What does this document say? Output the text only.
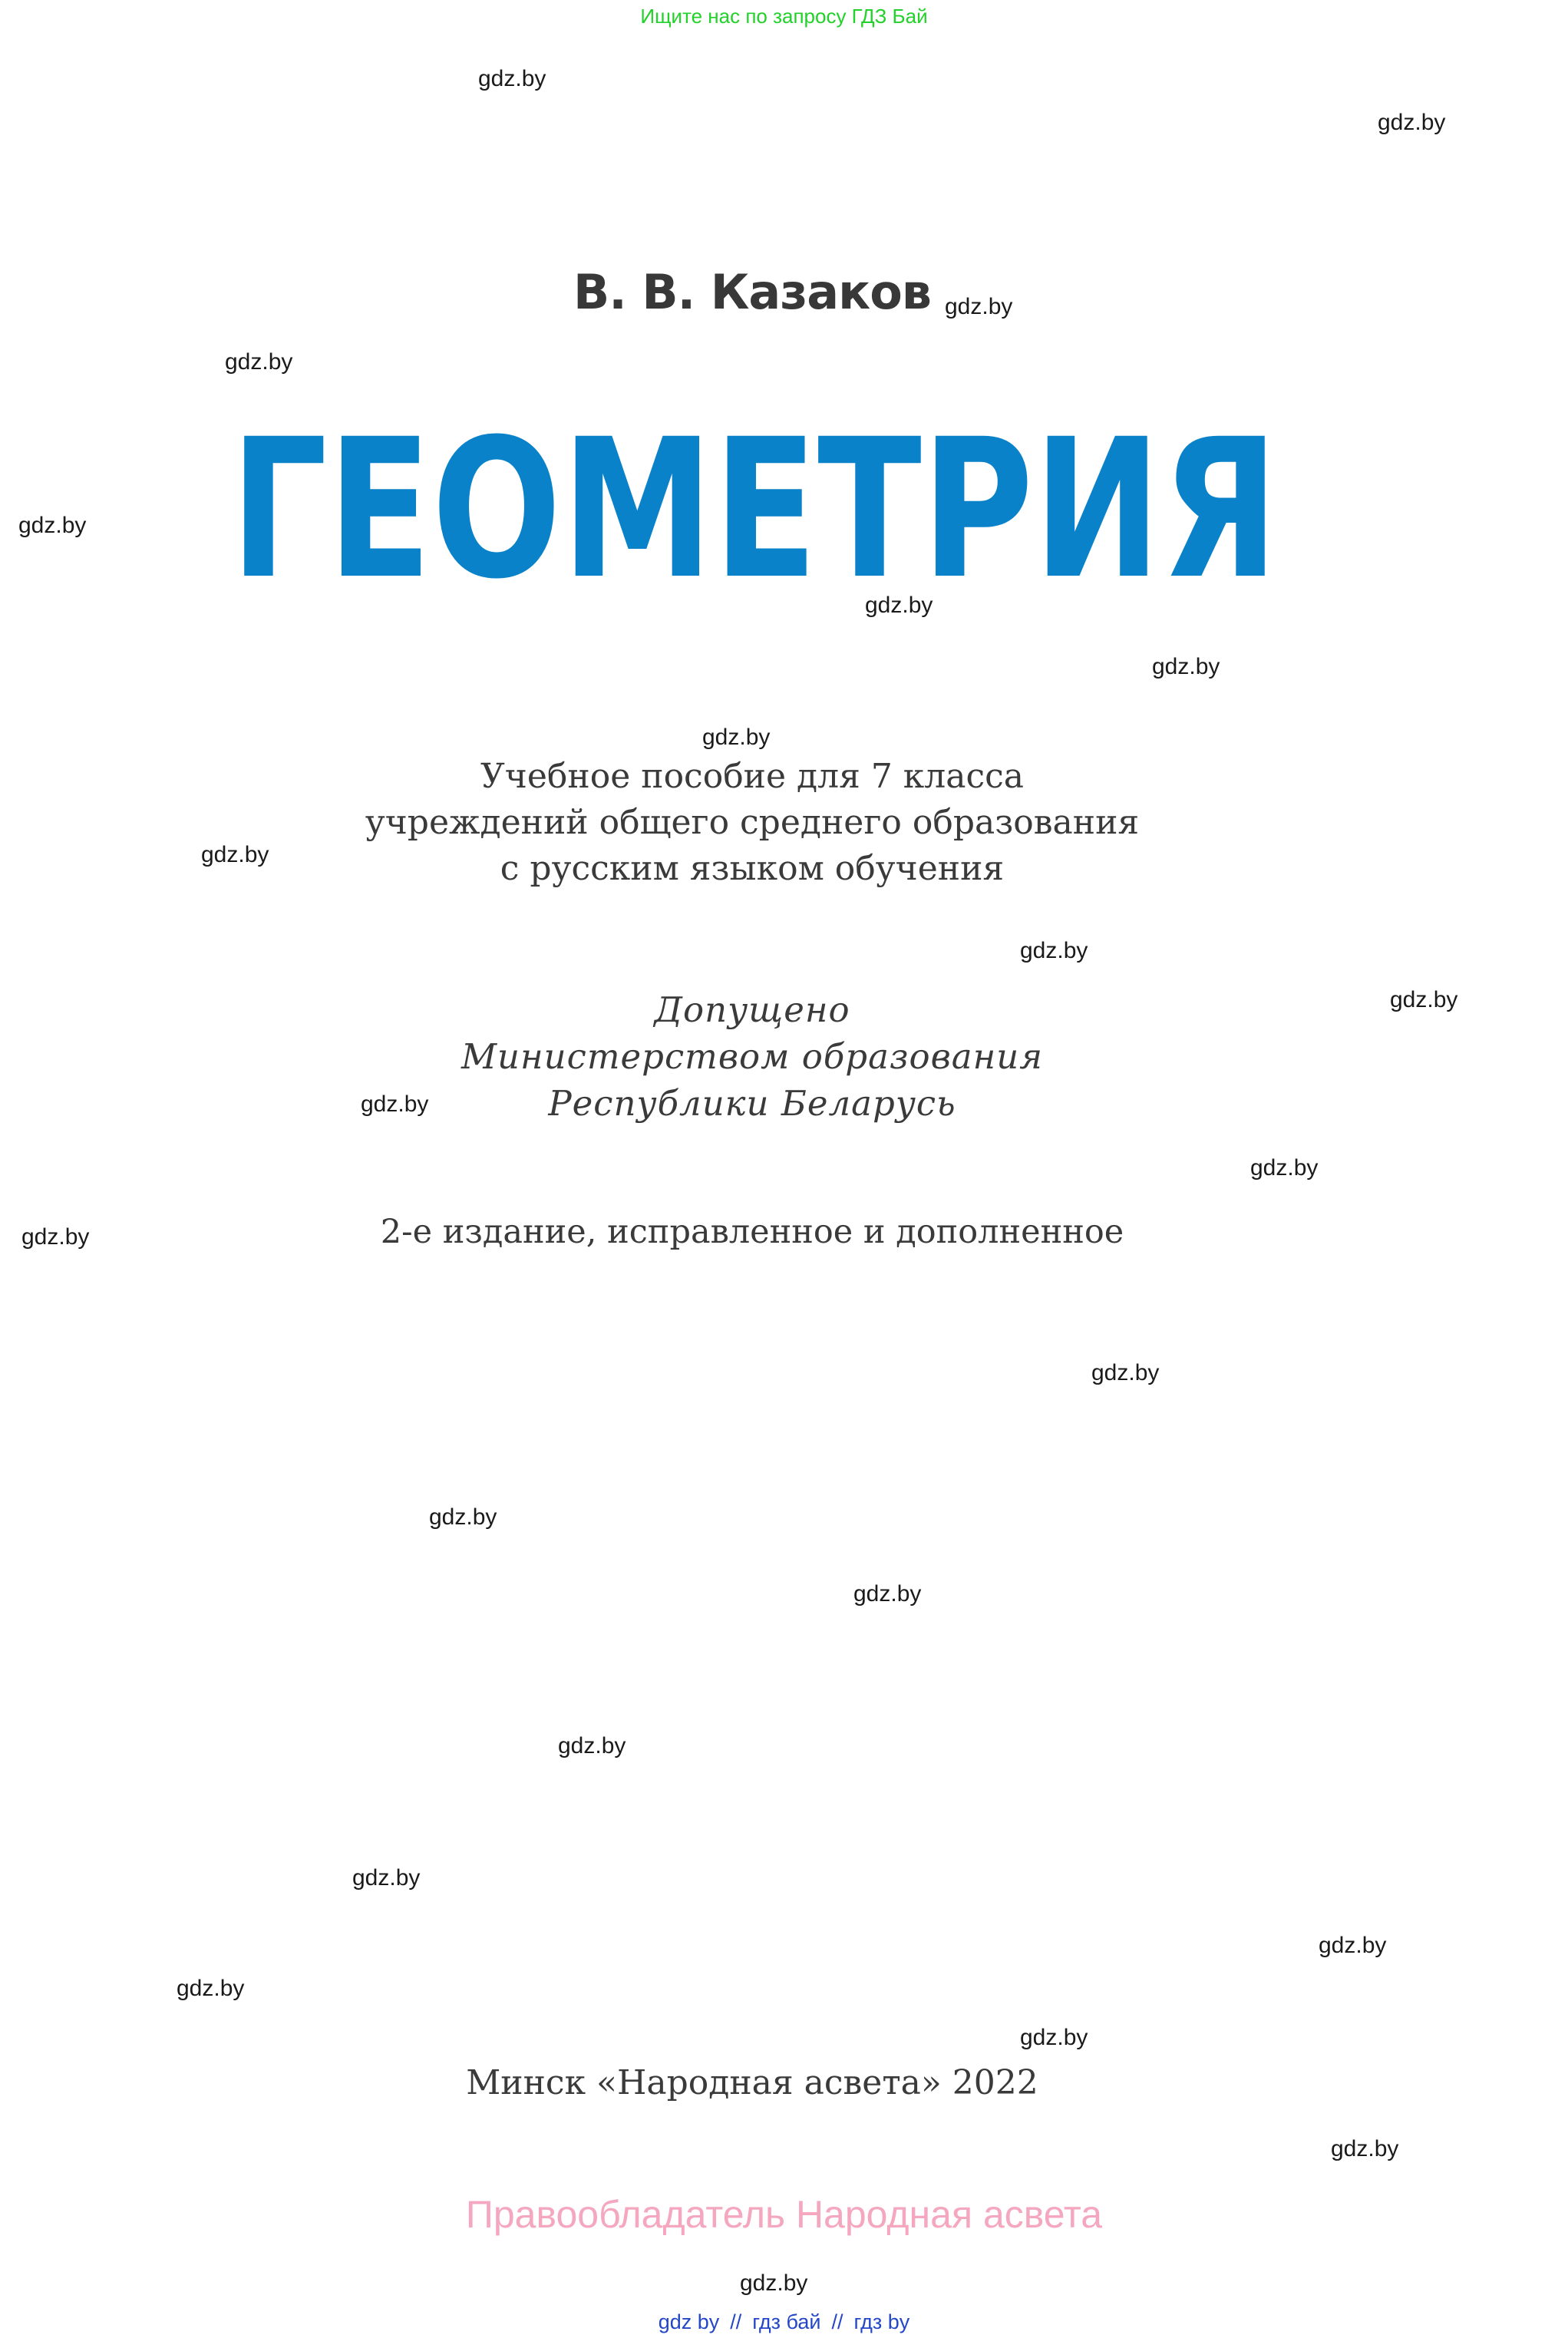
Ищите нас по запросу ГДЗ Бай
В. В. Казаков
ГЕОМЕТРИЯ
Учебное пособие для 7 класса
учреждений общего среднего образования
с русским языком обучения
Допущено
Министерством образования
Республики Беларусь
2-е издание, исправленное и дополненное
Минск «Народная асвета» 2022
Правообладатель Народная асвета
gdz by // гдз бай // гдз by
gdz.by
gdz.by
gdz.by
gdz.by
gdz.by
gdz.by
gdz.by
gdz.by
gdz.by
gdz.by
gdz.by
gdz.by
gdz.by
gdz.by
gdz.by
gdz.by
gdz.by
gdz.by
gdz.by
gdz.by
gdz.by
gdz.by
gdz.by
gdz.by
